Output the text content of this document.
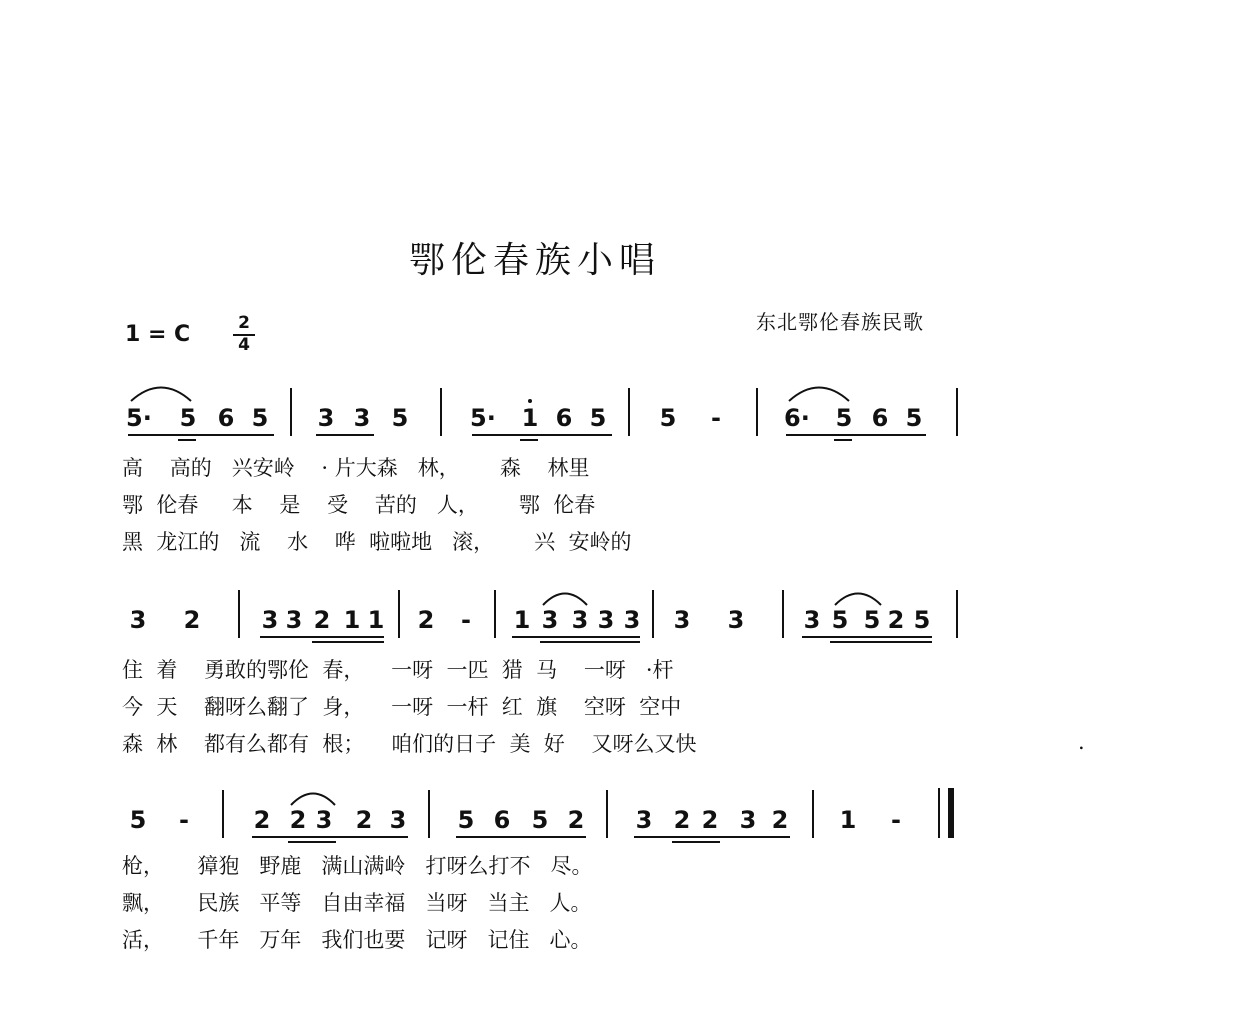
鄂伦春族小唱
东北鄂伦春族民歌
1 = C	$\frac{2}{4}$
5· 5 6 5 3 3 5	5· 1 6 5 5 -	6· 5 6 5
高    高的   兴安岭    · 片大森   林，      森    林里
鄂  伦春     本    是    受    苦的   人，      鄂  伦春
黑  龙江的   流    水    哗  啦啦地   滚，      兴  安岭的
3 2	3 3 2 1 1 2 - 1 3 3 3 3 3 3 3 5 5 2 5
住  着    勇敢的鄂伦  春，    一呀  一匹  猎  马    一呀   ·杆
今  天    翻呀么翻了  身，    一呀  一杆  红  旗    空呀  空中
森  林    都有么都有  根；    咱们的日子  美  好    又呀么又快	.
5 -	2 2 3 2 3 5 6 5 2 3 2 2 3 2 1 -
枪，     獐狍   野鹿   满山满岭   打呀么打不   尽。
飘，     民族   平等   自由幸福   当呀   当主   人。
活，     千年   万年   我们也要   记呀   记住   心。
